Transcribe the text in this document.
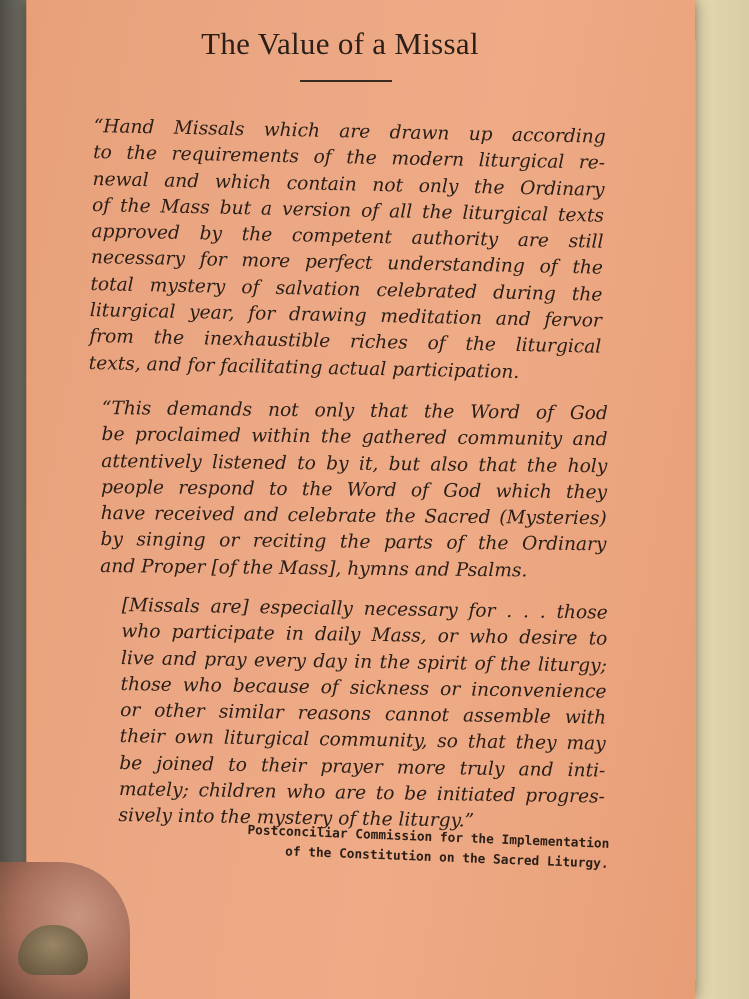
The Value of a Missal
“Hand Missals which are drawn up according
to the requirements of the modern liturgical re-
newal and which contain not only the Ordinary
of the Mass but a version of all the liturgical texts
approved by the competent authority are still
necessary for more perfect understanding of the
total mystery of salvation celebrated during the
liturgical year, for drawing meditation and fervor
from the inexhaustible riches of the liturgical
texts, and for facilitating actual participation.
“This demands not only that the Word of God
be proclaimed within the gathered community and
attentively listened to by it, but also that the holy
people respond to the Word of God which they
have received and celebrate the Sacred (Mysteries)
by singing or reciting the parts of the Ordinary
and Proper [of the Mass], hymns and Psalms.
[Missals are] especially necessary for . . . those
who participate in daily Mass, or who desire to
live and pray every day in the spirit of the liturgy;
those who because of sickness or inconvenience
or other similar reasons cannot assemble with
their own liturgical community, so that they may
be joined to their prayer more truly and inti-
mately; children who are to be initiated progres-
sively into the mystery of the liturgy.”
Postconciliar Commission for the Implementation
of the Constitution on the Sacred Liturgy.
